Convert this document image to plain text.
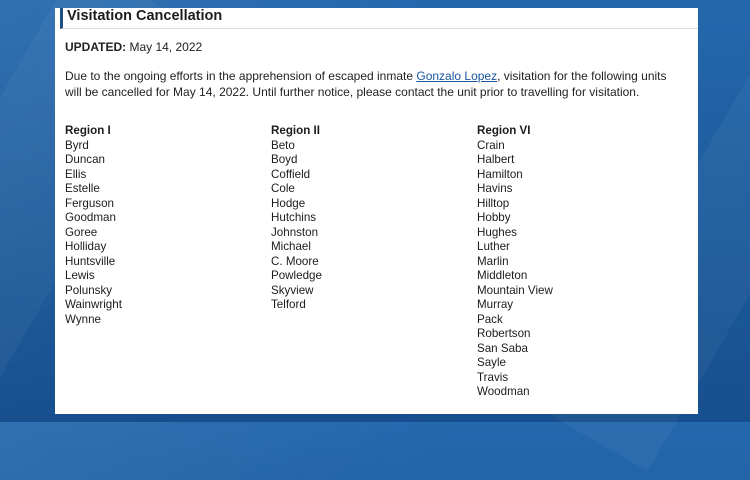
Visitation Cancellation
UPDATED: May 14, 2022
Due to the ongoing efforts in the apprehension of escaped inmate Gonzalo Lopez, visitation for the following units will be cancelled for May 14, 2022. Until further notice, please contact the unit prior to travelling for visitation.
Region I
Byrd
Duncan
Ellis
Estelle
Ferguson
Goodman
Goree
Holliday
Huntsville
Lewis
Polunsky
Wainwright
Wynne
Region II
Beto
Boyd
Coffield
Cole
Hodge
Hutchins
Johnston
Michael
C. Moore
Powledge
Skyview
Telford
Region VI
Crain
Halbert
Hamilton
Havins
Hilltop
Hobby
Hughes
Luther
Marlin
Middleton
Mountain View
Murray
Pack
Robertson
San Saba
Sayle
Travis
Woodman
